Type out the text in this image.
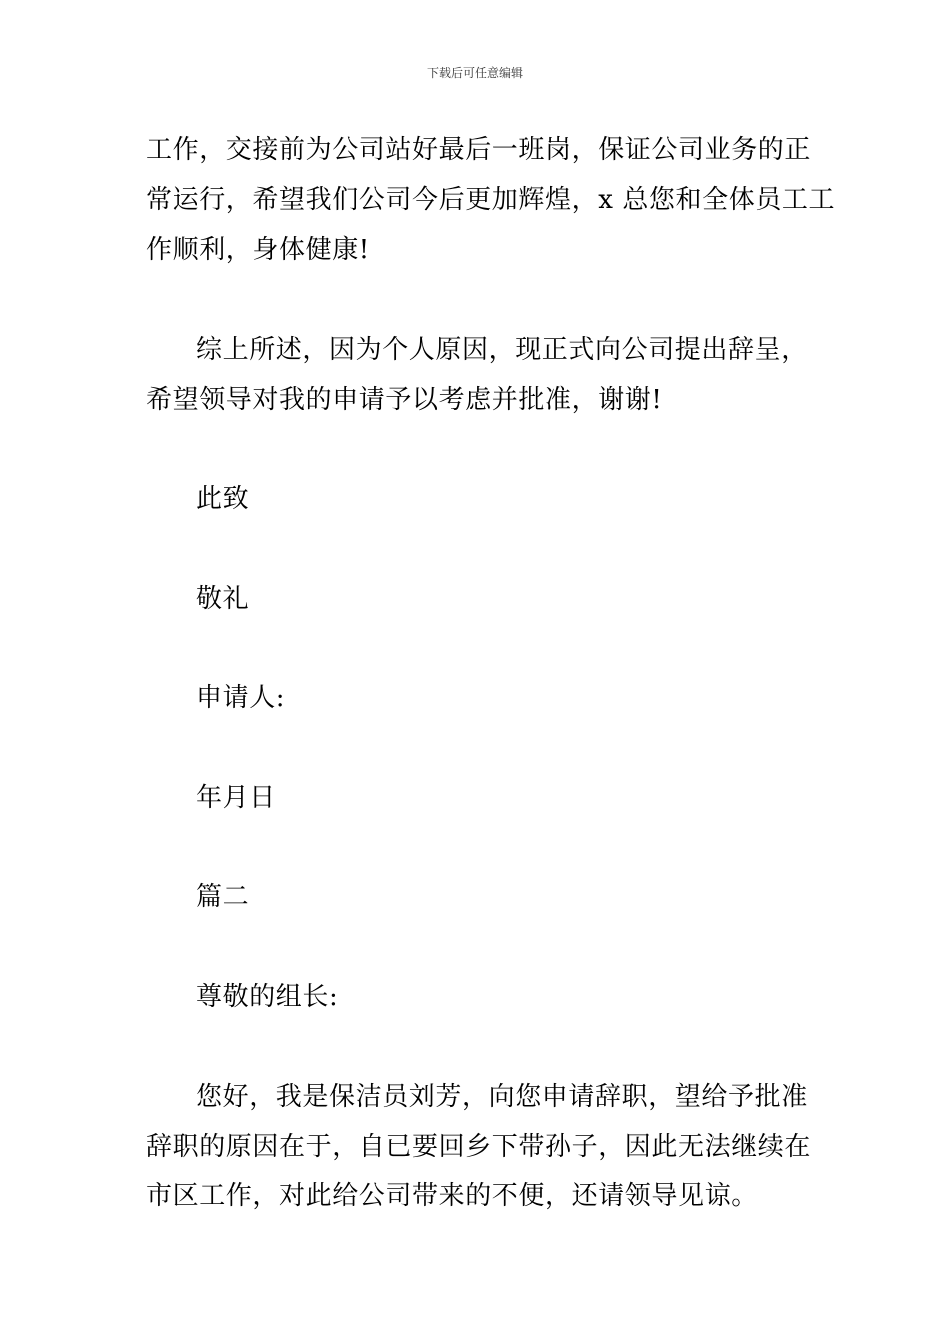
下载后可任意编辑
工作，交接前为公司站好最后一班岗，保证公司业务的正
常运行，希望我们公司今后更加辉煌，x 总您和全体员工工
作顺利，身体健康!
综上所述，因为个人原因，现正式向公司提出辞呈，
希望领导对我的申请予以考虑并批准，谢谢!
此致
敬礼
申请人:
年月日
篇二
尊敬的组长:
您好，我是保洁员刘芳，向您申请辞职，望给予批准
辞职的原因在于，自已要回乡下带孙子，因此无法继续在
市区工作，对此给公司带来的不便，还请领导见谅。
